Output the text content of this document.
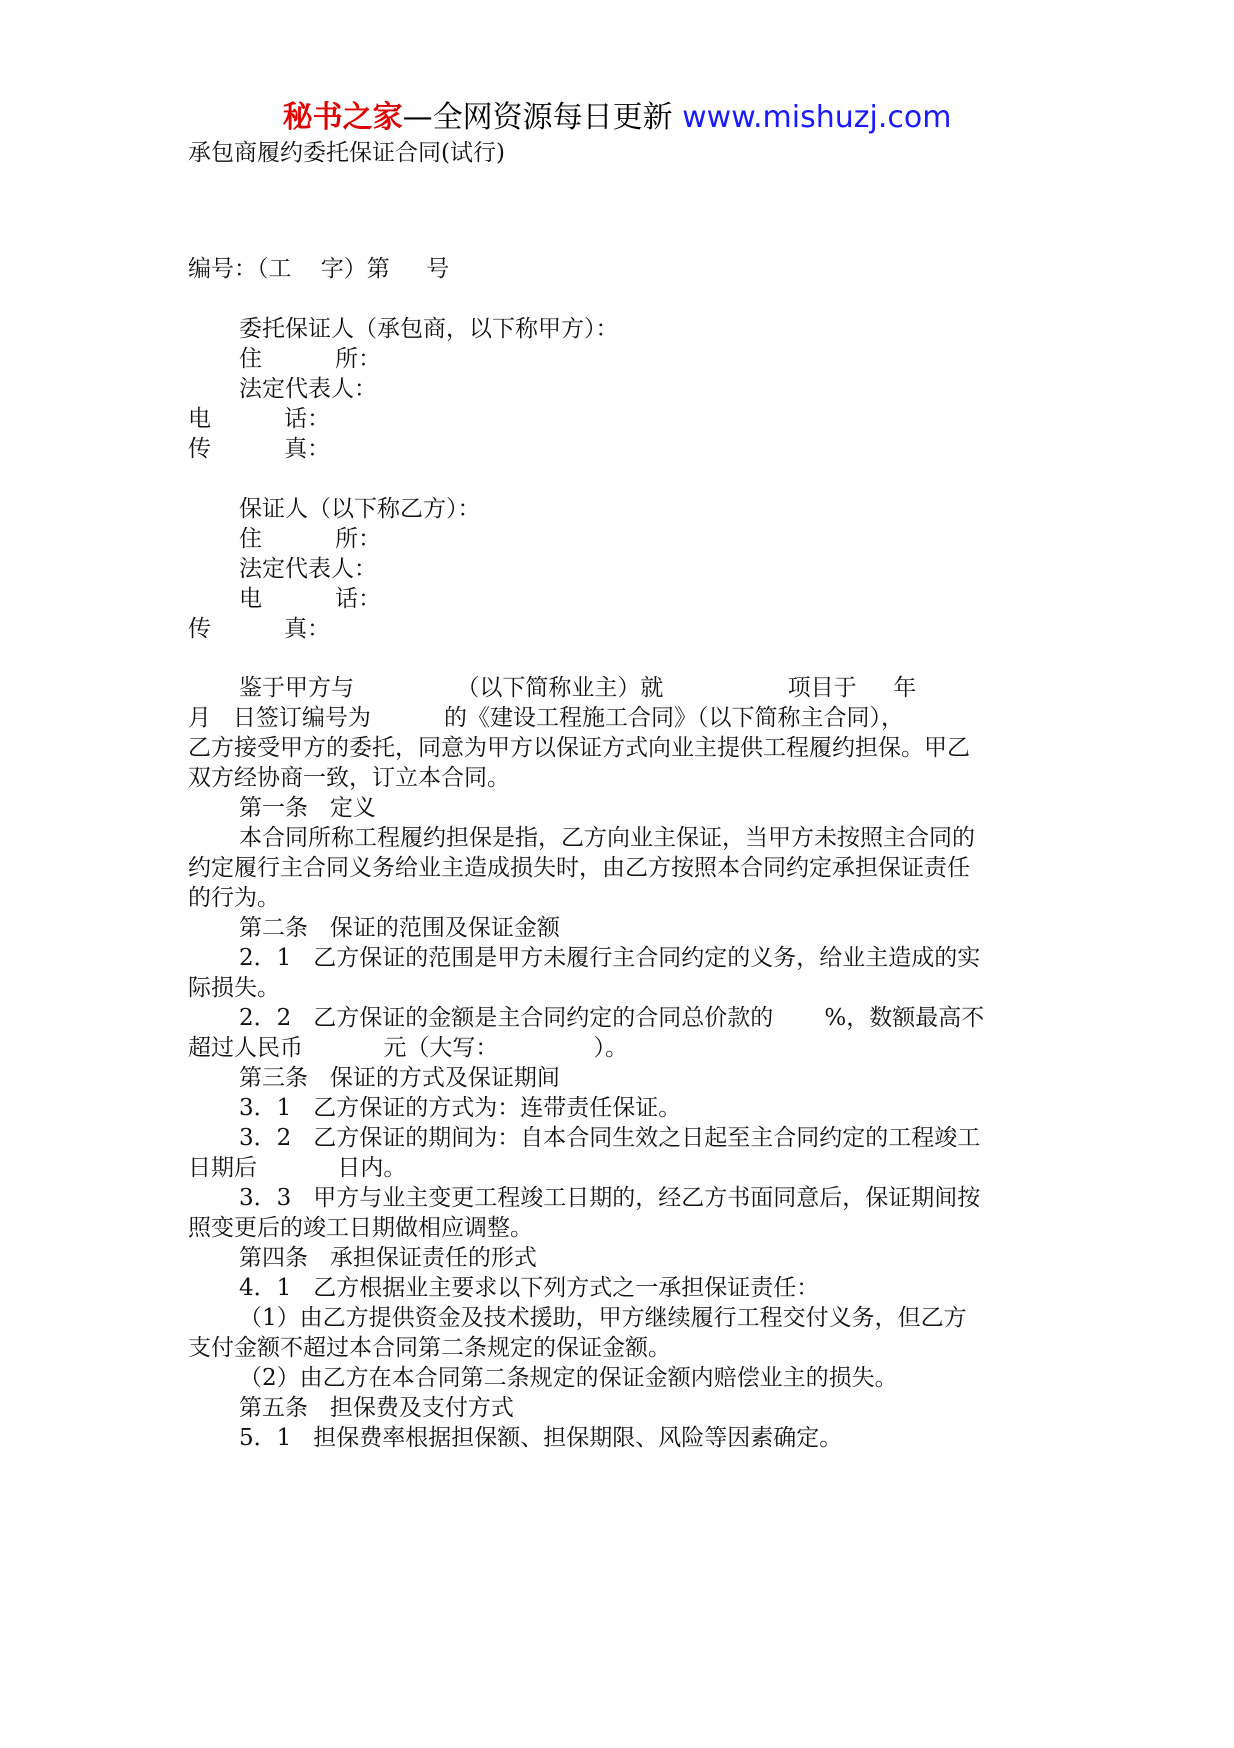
秘书之家—全网资源每日更新 www.mishuzj.com
承包商履约委托保证合同(试行)
编号：（工    字）第     号
委托保证人（承包商，以下称甲方）：
住          所：
法定代表人：
电          话：
传          真：
保证人（以下称乙方）：
住          所：
法定代表人：
电          话：
传          真：
鉴于甲方与              （以下简称业主）就                 项目于     年
月   日签订编号为          的《建设工程施工合同》（以下简称主合同），
乙方接受甲方的委托，同意为甲方以保证方式向业主提供工程履约担保。甲乙
双方经协商一致，订立本合同。
第一条   定义
本合同所称工程履约担保是指，乙方向业主保证，当甲方未按照主合同的
约定履行主合同义务给业主造成损失时，由乙方按照本合同约定承担保证责任
的行为。
第二条   保证的范围及保证金额
2．1   乙方保证的范围是甲方未履行主合同约定的义务，给业主造成的实
际损失。
2．2   乙方保证的金额是主合同约定的合同总价款的       %，数额最高不
超过人民币           元（大写：             ）。
第三条   保证的方式及保证期间
3．1   乙方保证的方式为：连带责任保证。
3．2   乙方保证的期间为：自本合同生效之日起至主合同约定的工程竣工
日期后           日内。
3．3   甲方与业主变更工程竣工日期的，经乙方书面同意后，保证期间按
照变更后的竣工日期做相应调整。
第四条   承担保证责任的形式
4．1   乙方根据业主要求以下列方式之一承担保证责任：
（1）由乙方提供资金及技术援助，甲方继续履行工程交付义务，但乙方
支付金额不超过本合同第二条规定的保证金额。
（2）由乙方在本合同第二条规定的保证金额内赔偿业主的损失。
第五条   担保费及支付方式
5．1   担保费率根据担保额、担保期限、风险等因素确定。
